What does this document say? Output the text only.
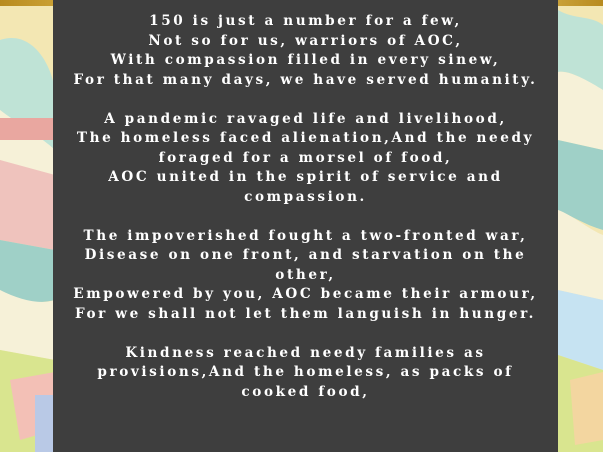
150 is just a number for a few,
Not so for us, warriors of AOC,
With compassion filled in every sinew,
For that many days, we have served humanity.
A pandemic ravaged life and livelihood,
The homeless faced alienation,And the needy
foraged for a morsel of food,
AOC united in the spirit of service and
compassion.
The impoverished fought a two-fronted war,
Disease on one front, and starvation on the
other,
Empowered by you, AOC became their armour,
For we shall not let them languish in hunger.
Kindness reached needy families as
provisions,And the homeless, as packs of
cooked food,
